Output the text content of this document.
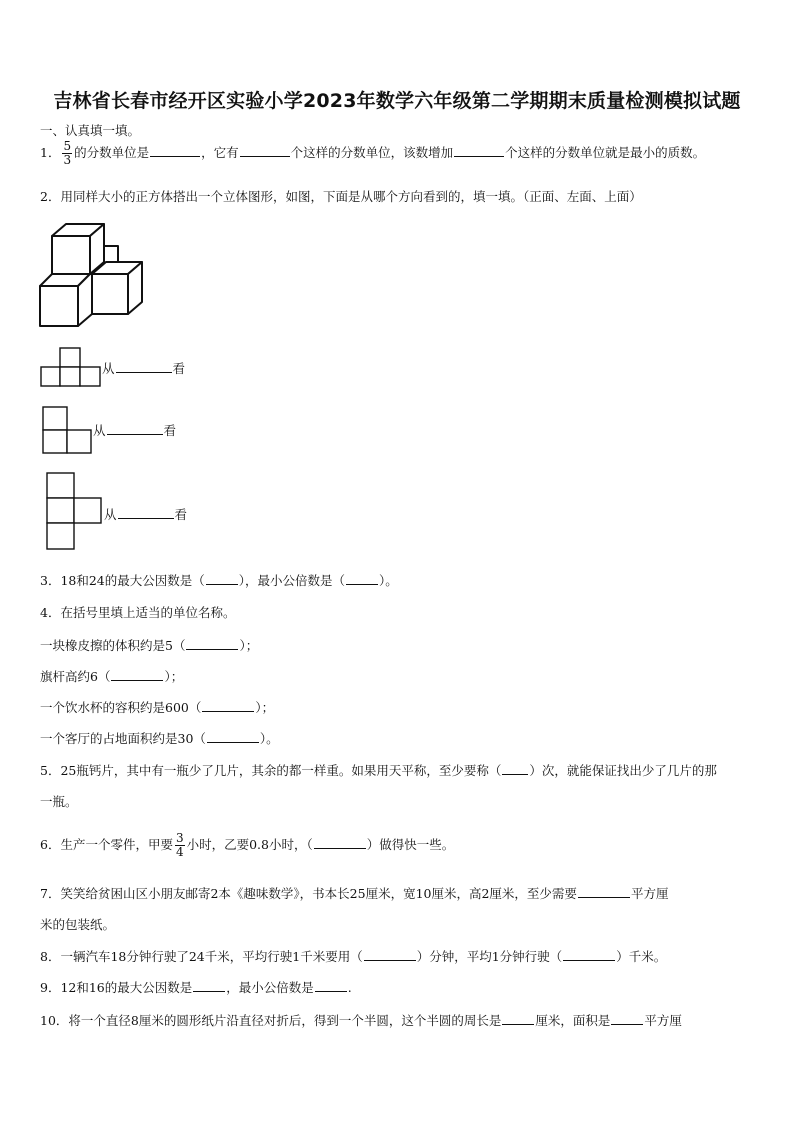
吉林省长春市经开区实验小学2023年数学六年级第二学期期末质量检测模拟试题
一、认真填一填。
1． $\frac{5}{3}$ 的分数单位是	，它有	个这样的分数单位，该数增加	个这样的分数单位就是最小的质数。
2．用同样大小的正方体搭出一个立体图形，如图，下面是从哪个方向看到的，填一填。（正面、左面、上面）
从	看
从	看
从	看
3．18和24的最大公因数是（	），最小公倍数是（	）。
4．在括号里填上适当的单位名称。
一块橡皮擦的体积约是5（	）；
旗杆高约6（	）；
一个饮水杯的容积约是600（	）；
一个客厅的占地面积约是30（	）。
5．25瓶钙片，其中有一瓶少了几片，其余的都一样重。如果用天平称，至少要称（ ）次，就能保证找出少了几片的那
一瓶。
6．生产一个零件，甲要 $\frac{3}{4}$ 小时，乙要0.8小时，（	）做得快一些。
7．笑笑给贫困山区小朋友邮寄2本《趣味数学》，书本长25厘米，宽10厘米，高2厘米，至少需要	平方厘
米的包装纸。
8．一辆汽车18分钟行驶了24千米，平均行驶1千米要用（	）分钟，平均1分钟行驶（	）千米。
9．12和16的最大公因数是	，最小公倍数是	.
10．将一个直径8厘米的圆形纸片沿直径对折后，得到一个半圆，这个半圆的周长是	厘米，面积是	平方厘
